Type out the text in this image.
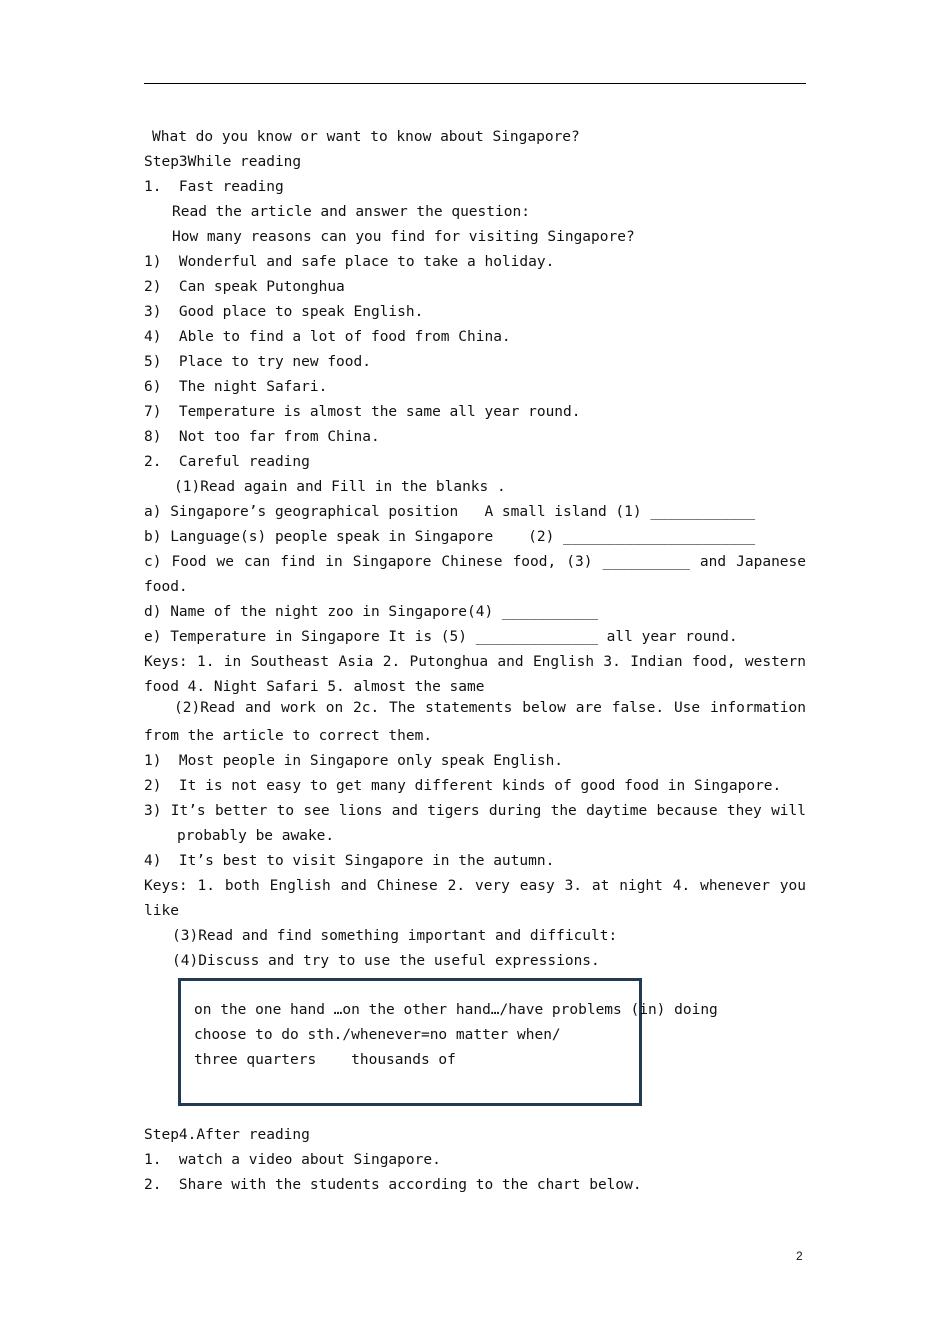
What do you know or want to know about Singapore?
Step3While reading
1.  Fast reading
Read the article and answer the question:
How many reasons can you find for visiting Singapore?
1)  Wonderful and safe place to take a holiday.
2)  Can speak Putonghua
3)  Good place to speak English.
4)  Able to find a lot of food from China.
5)  Place to try new food.
6)  The night Safari.
7)  Temperature is almost the same all year round.
8)  Not too far from China.
2.  Careful reading
(1)Read again and Fill in the blanks .
a) Singapore’s geographical position   A small island (1) ____________
b) Language(s) people speak in Singapore    (2) ______________________
c) Food we can find in Singapore Chinese food, (3) __________ and Japanese
food.
d) Name of the night zoo in Singapore(4) ___________
e) Temperature in Singapore It is (5) ______________ all year round.
Keys: 1. in Southeast Asia 2. Putonghua and English 3. Indian food, western
food 4. Night Safari 5. almost the same
(2)Read and work on 2c. The statements below are false. Use information
from the article to correct them.
1)  Most people in Singapore only speak English.
2)  It is not easy to get many different kinds of good food in Singapore.
3) It’s better to see lions and tigers during the daytime because they will
probably be awake.
4)  It’s best to visit Singapore in the autumn.
Keys: 1. both English and Chinese 2. very easy 3. at night 4. whenever you
like
(3)Read and find something important and difficult:
(4)Discuss and try to use the useful expressions.
on the one hand …on the other hand…/have problems (in) doing
choose to do sth./whenever=no matter when/
three quarters    thousands of
Step4.After reading
1.  watch a video about Singapore.
2.  Share with the students according to the chart below.
2
